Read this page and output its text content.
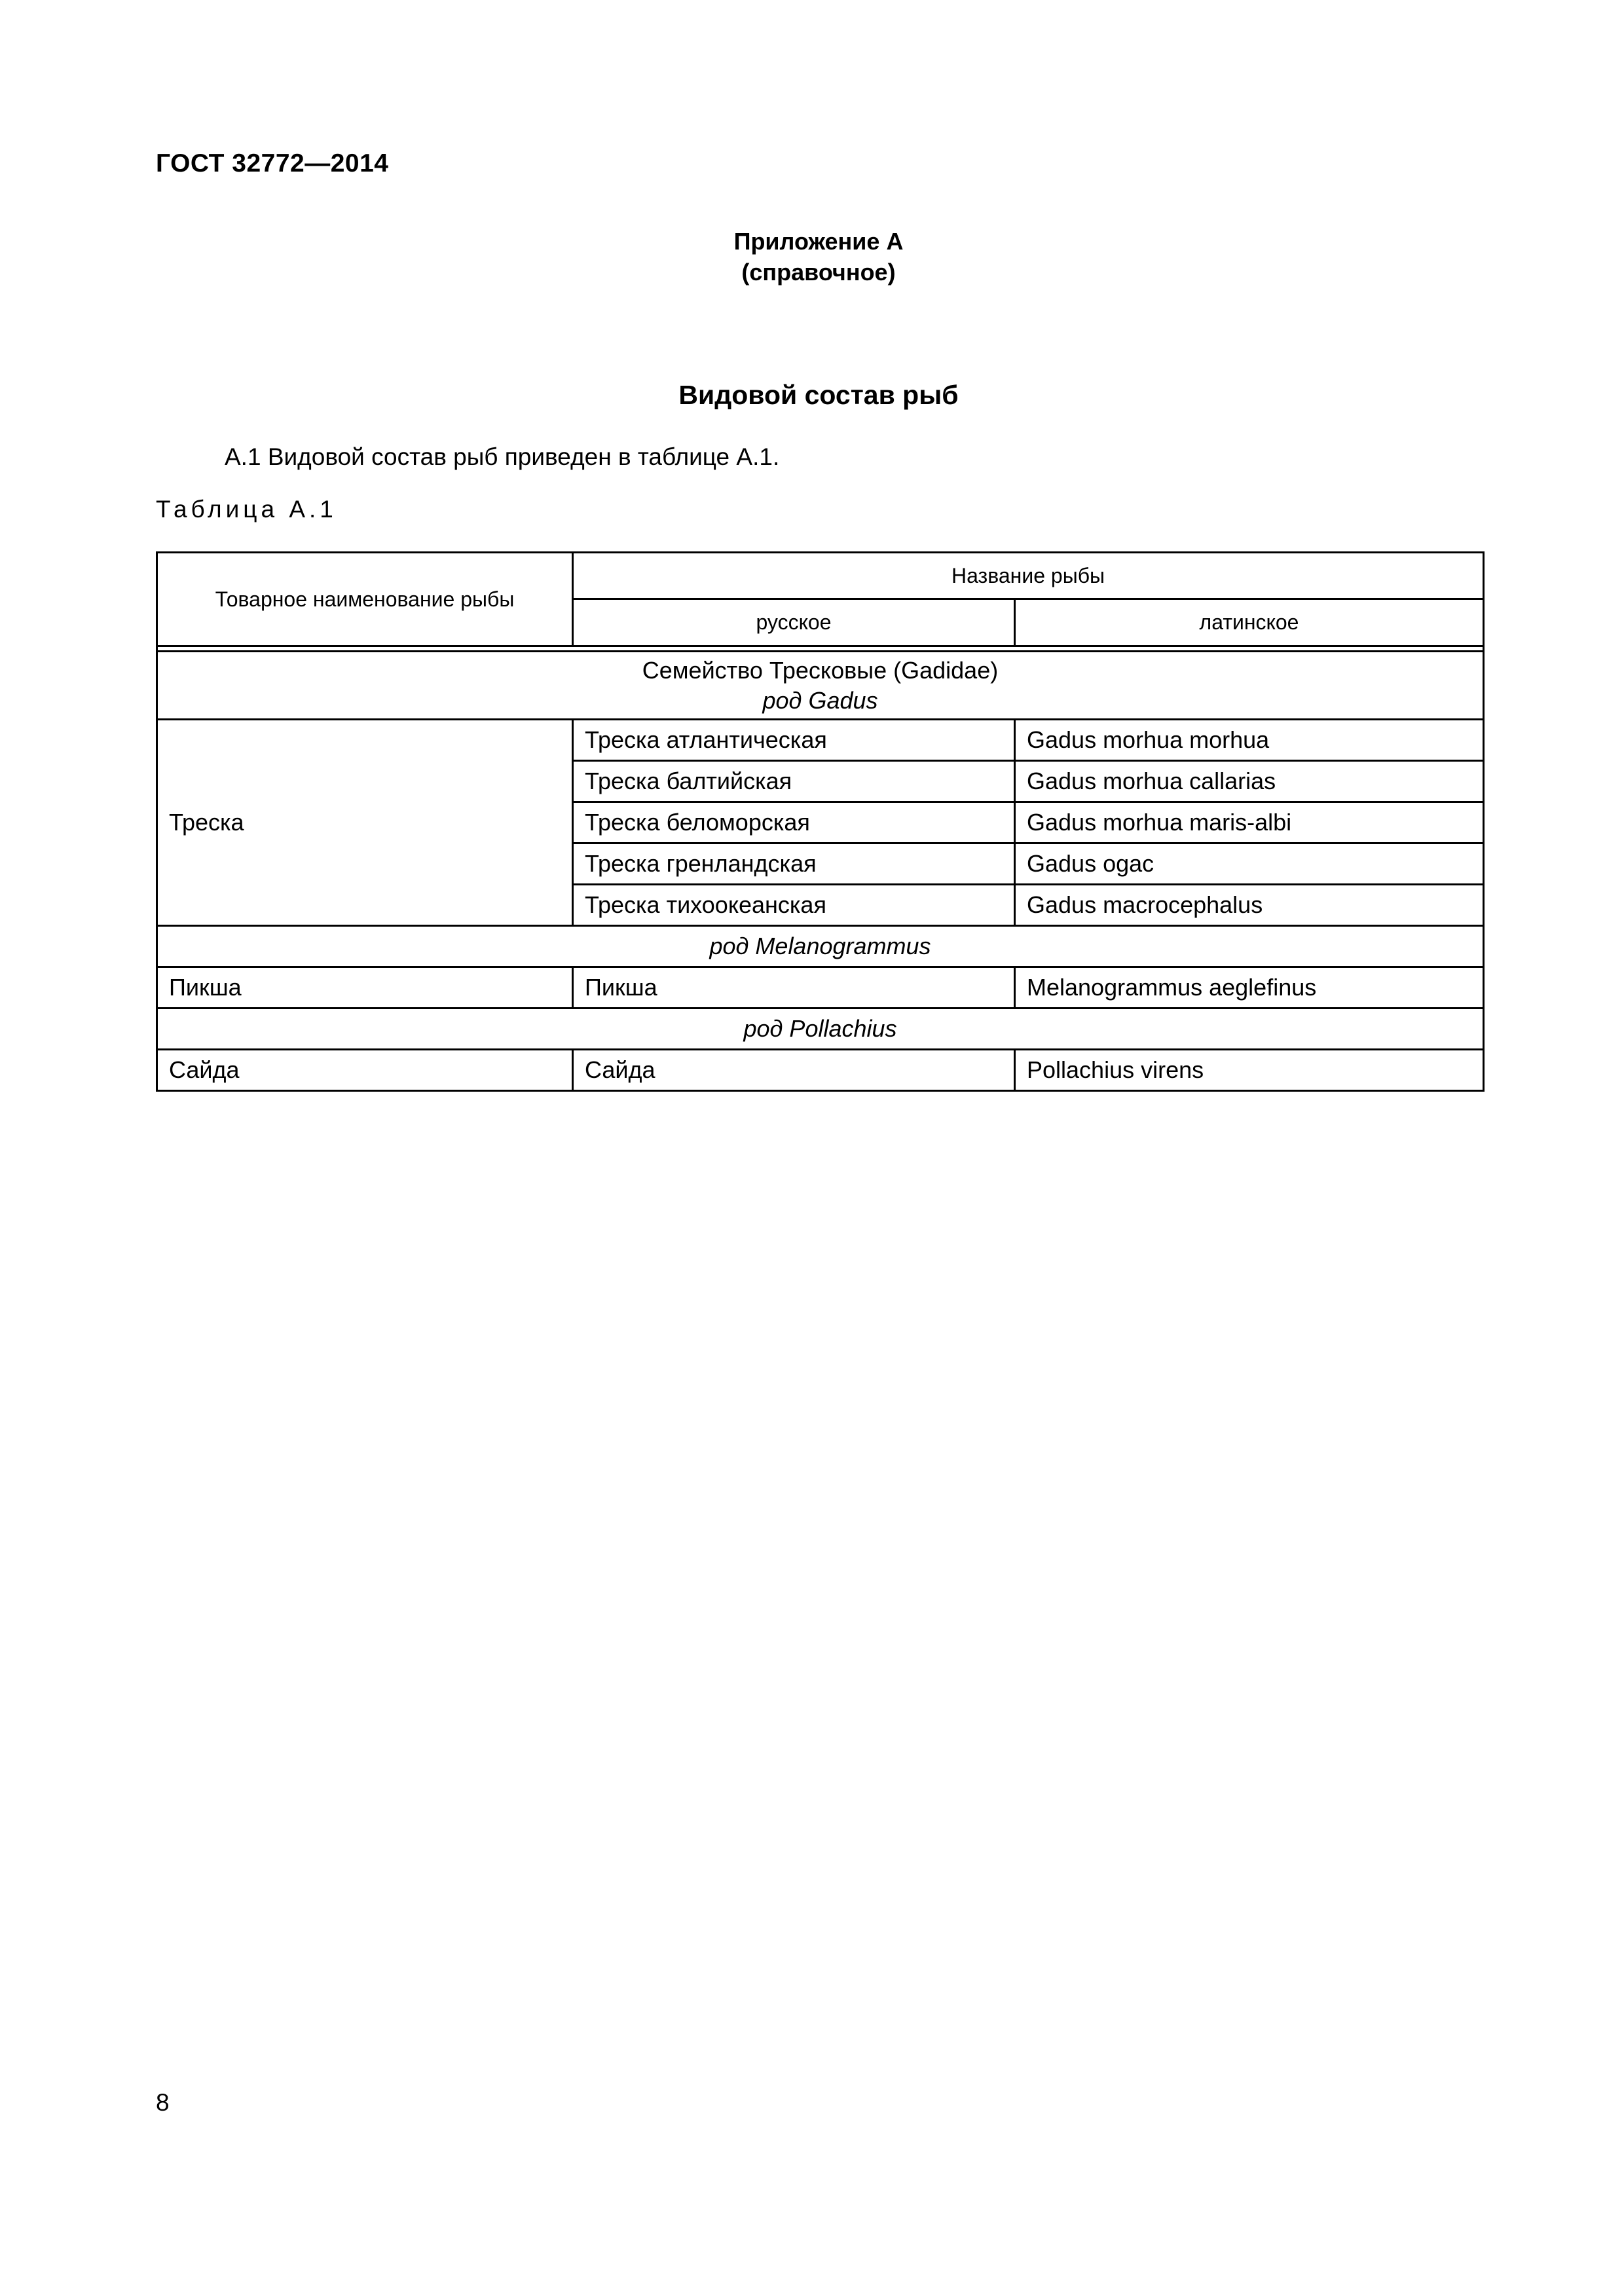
ГОСТ 32772—2014
Приложение А
(справочное)
Видовой состав рыб
А.1 Видовой состав рыб приведен в таблице А.1.
Таблица А.1
Товарное наименование рыбы	Название рыбы	
	русское	латинское

Семейство Тресковые (Gadidae)
род Gadus		

Треска	Треска атлантическая	Gadus morhua morhua
	Треска балтийская	Gadus morhua callarias
	Треска беломорская	Gadus morhua maris-albi
	Треска гренландская	Gadus ogac
	Треска тихоокеанская	Gadus macrocephalus
род Melanogrammus		
Пикша	Пикша	Melanogrammus aeglefinus
род Pollachius		
Сайда	Сайда	Pollachius virens
8
